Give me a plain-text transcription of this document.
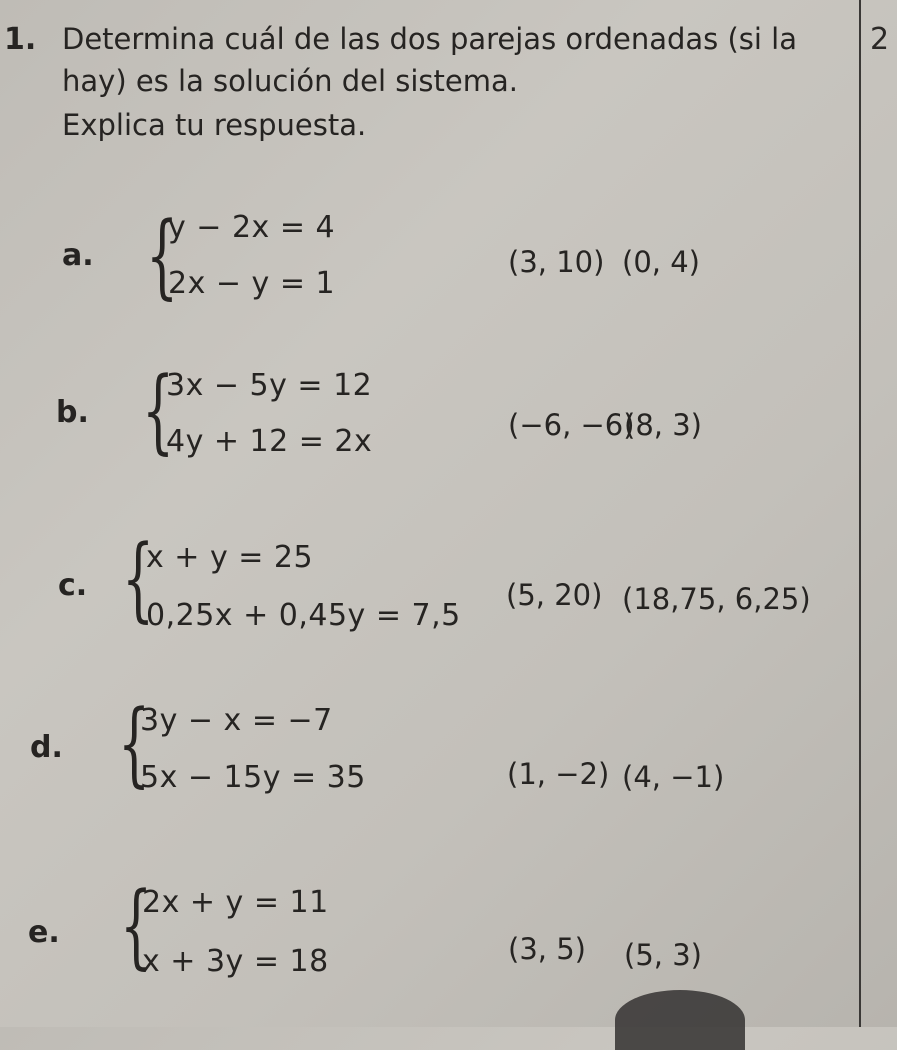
2
1. Determina cuál de las dos parejas ordenadas (si la
hay) es la solución del sistema.
Explica tu respuesta.
a. {
y − 2x = 4
2x − y = 1
(3, 10) (0, 4)
b. {
3x − 5y = 12
4y + 12 = 2x	(−6, −6)
(8, 3)
c. {
x + y = 25
0,25x + 0,45y = 7,5
(5, 20) (18,75, 6,25)
d. {
3y − x = −7
5x − 15y = 35	(1, −2) (4, −1)
e. {
2x + y = 11
x + 3y = 18	(3, 5) (5, 3)
